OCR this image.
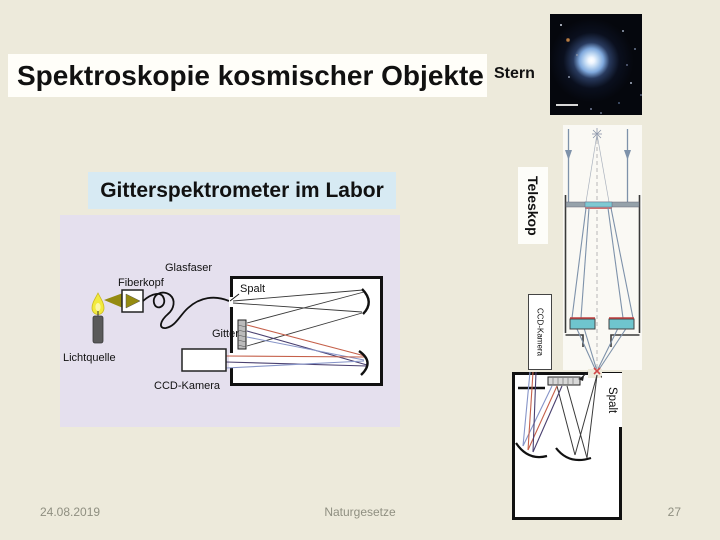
Spektroskopie kosmischer Objekte Stern
Gitterspektrometer im Labor
Glasfaser
Fiberkopf	Spalt
Gitter
Lichtquelle
CCD-Kamera
Teleskop
CCD-Kamera
Spalt
24.08.2019	Naturgesetze	27
